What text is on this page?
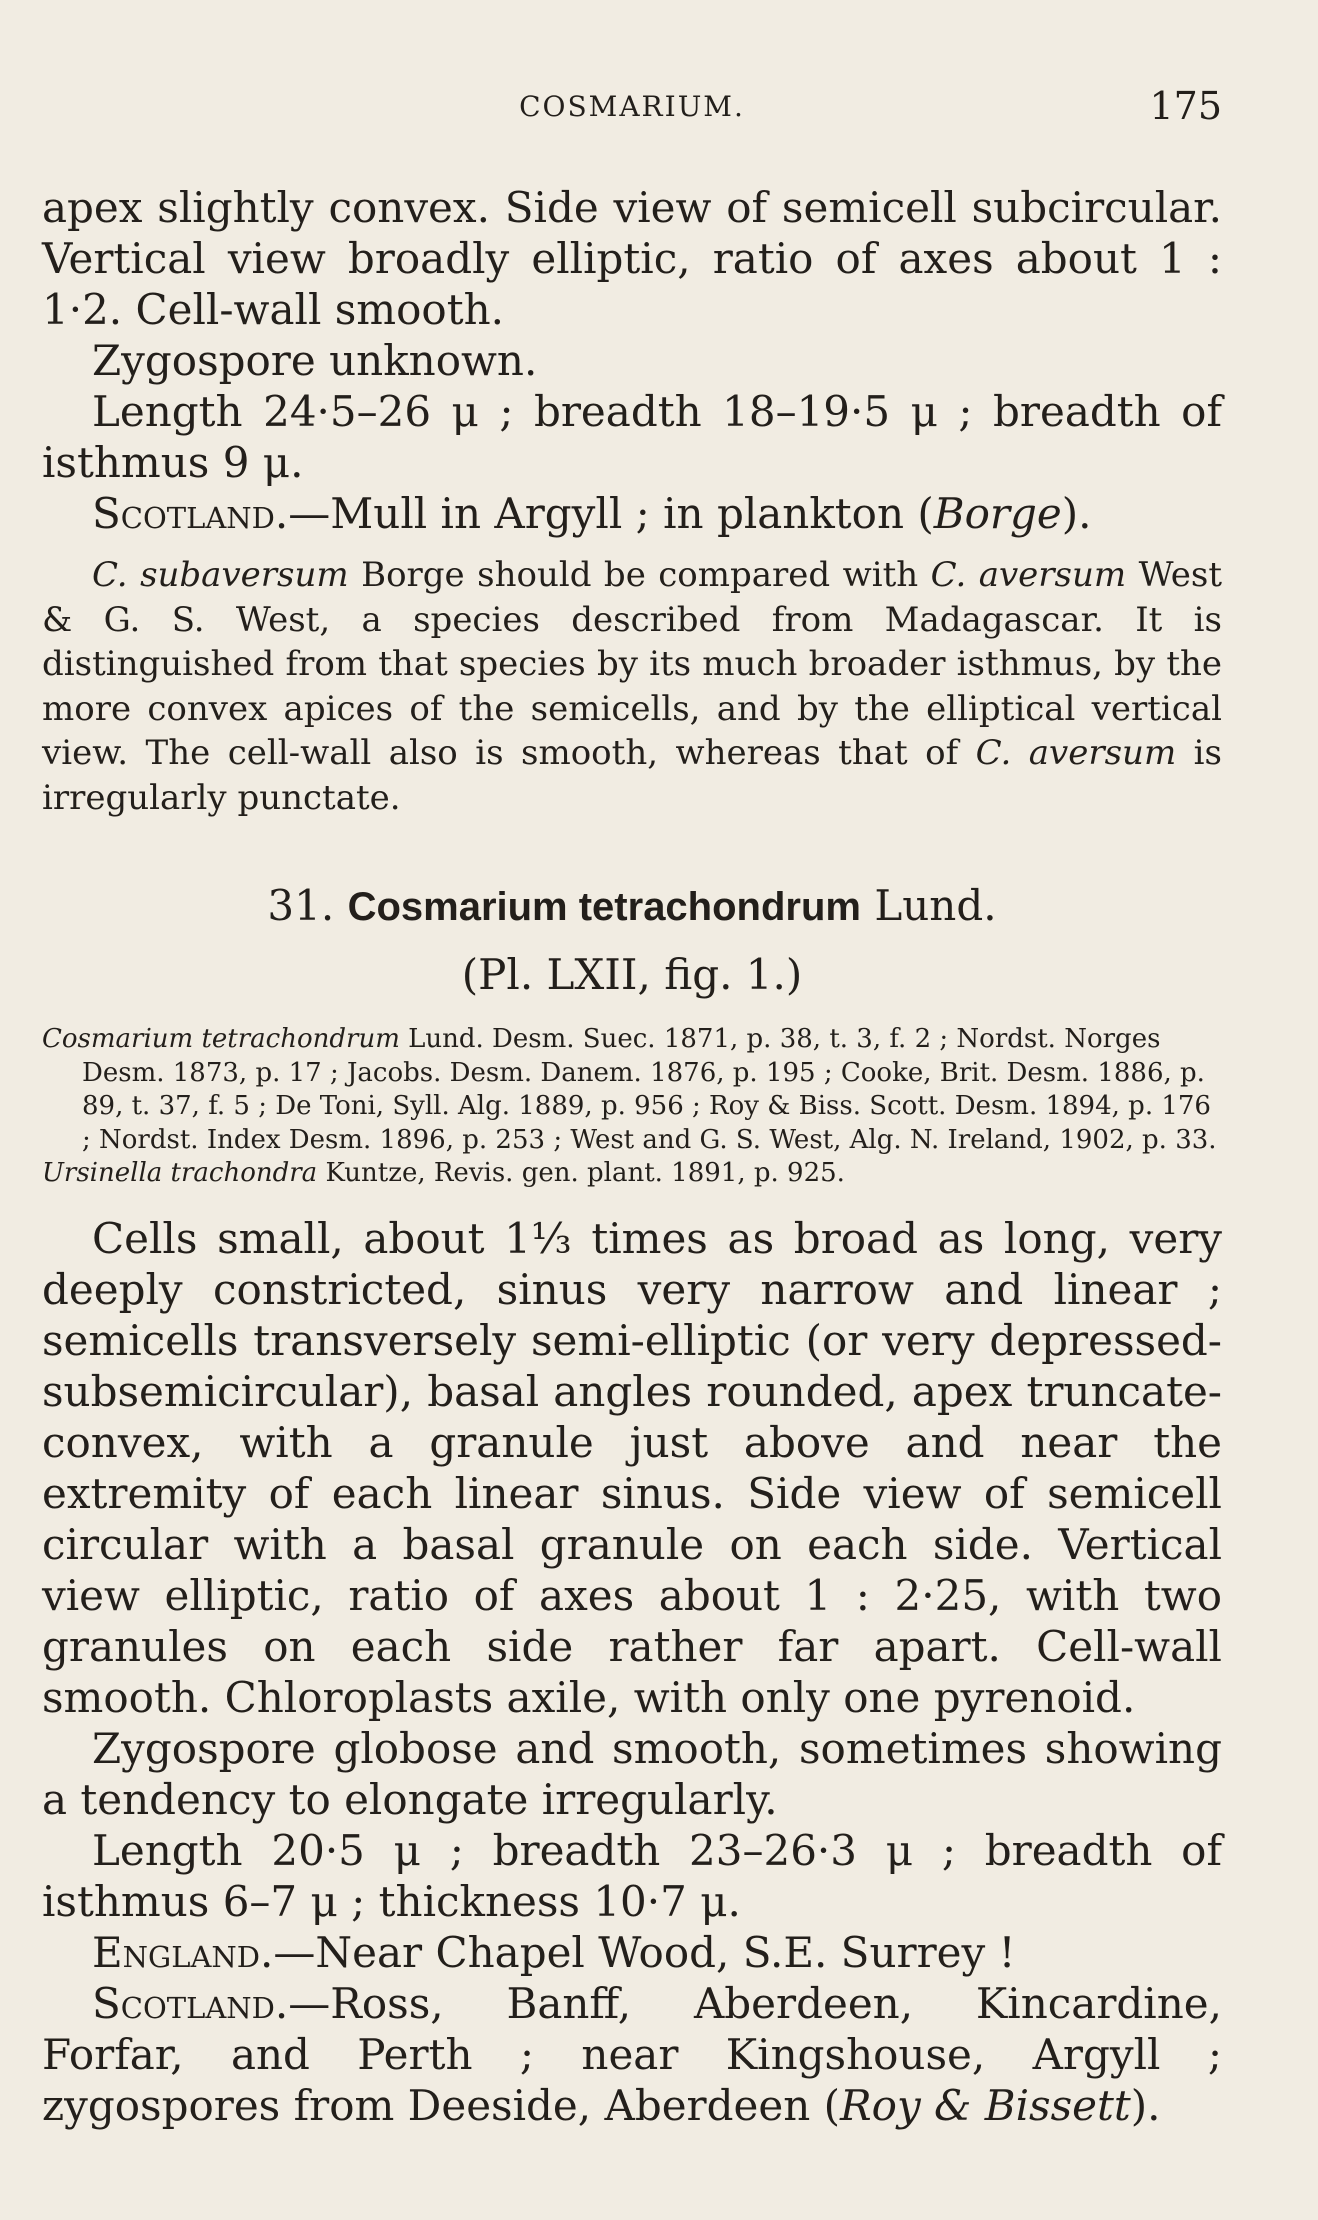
COSMARIUM.	175

apex slightly convex. Side view of semicell subcircular. Vertical view broadly elliptic, ratio of axes about 1 : 1·2. Cell-wall smooth.

Zygospore unknown.

Length 24·5–26 μ ; breadth 18–19·5 μ ; breadth of isthmus 9 μ.

Scotland.—Mull in Argyll ; in plankton (Borge).

C. subaversum Borge should be compared with C. aversum West & G. S. West, a species described from Madagascar. It is distinguished from that species by its much broader isthmus, by the more convex apices of the semicells, and by the elliptical vertical view. The cell-wall also is smooth, whereas that of C. aversum is irregularly punctate.

31. Cosmarium tetrachondrum Lund.
(Pl. LXII, fig. 1.)

Cosmarium tetrachondrum Lund. Desm. Suec. 1871, p. 38, t. 3, f. 2 ; Nordst. Norges Desm. 1873, p. 17 ; Jacobs. Desm. Danem. 1876, p. 195 ; Cooke, Brit. Desm. 1886, p. 89, t. 37, f. 5 ; De Toni, Syll. Alg. 1889, p. 956 ; Roy & Biss. Scott. Desm. 1894, p. 176 ; Nordst. Index Desm. 1896, p. 253 ; West and G. S. West, Alg. N. Ireland, 1902, p. 33.

Ursinella trachondra Kuntze, Revis. gen. plant. 1891, p. 925.

Cells small, about 1⅓ times as broad as long, very deeply constricted, sinus very narrow and linear ; semicells transversely semi-elliptic (or very depressed-subsemicircular), basal angles rounded, apex truncate-convex, with a granule just above and near the extremity of each linear sinus. Side view of semicell circular with a basal granule on each side. Vertical view elliptic, ratio of axes about 1 : 2·25, with two granules on each side rather far apart. Cell-wall smooth. Chloroplasts axile, with only one pyrenoid.

Zygospore globose and smooth, sometimes showing a tendency to elongate irregularly.

Length 20·5 μ ; breadth 23–26·3 μ ; breadth of isthmus 6–7 μ ; thickness 10·7 μ.

England.—Near Chapel Wood, S.E. Surrey !

Scotland.—Ross, Banff, Aberdeen, Kincardine, Forfar, and Perth ; near Kingshouse, Argyll ; zygospores from Deeside, Aberdeen (Roy & Bissett).
